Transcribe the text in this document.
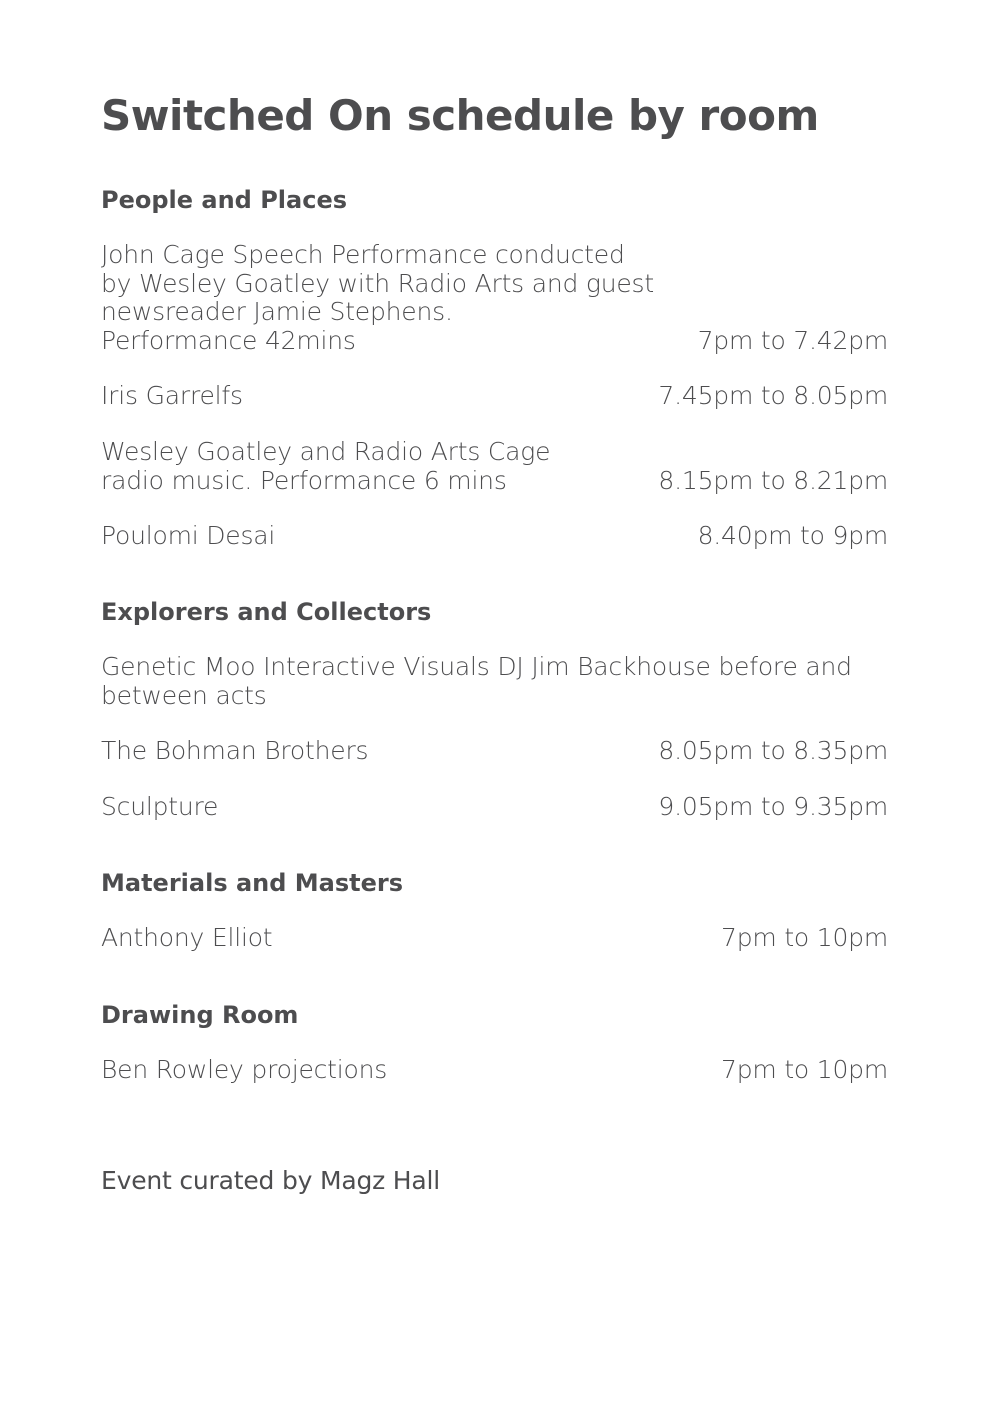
Switched On schedule by room
People and Places
John Cage Speech Performance conducted
by Wesley Goatley with Radio Arts and guest
newsreader Jamie Stephens.
Performance 42mins	7pm to 7.42pm
Iris Garrelfs	7.45pm to 8.05pm
Wesley Goatley and Radio Arts Cage
radio music. Performance 6 mins	8.15pm to 8.21pm
Poulomi Desai	8.40pm to 9pm
Explorers and Collectors
Genetic Moo Interactive Visuals DJ Jim Backhouse before and
between acts
The Bohman Brothers	8.05pm to 8.35pm
Sculpture	9.05pm to 9.35pm
Materials and Masters
Anthony Elliot	7pm to 10pm
Drawing Room
Ben Rowley projections	7pm to 10pm
Event curated by Magz Hall
